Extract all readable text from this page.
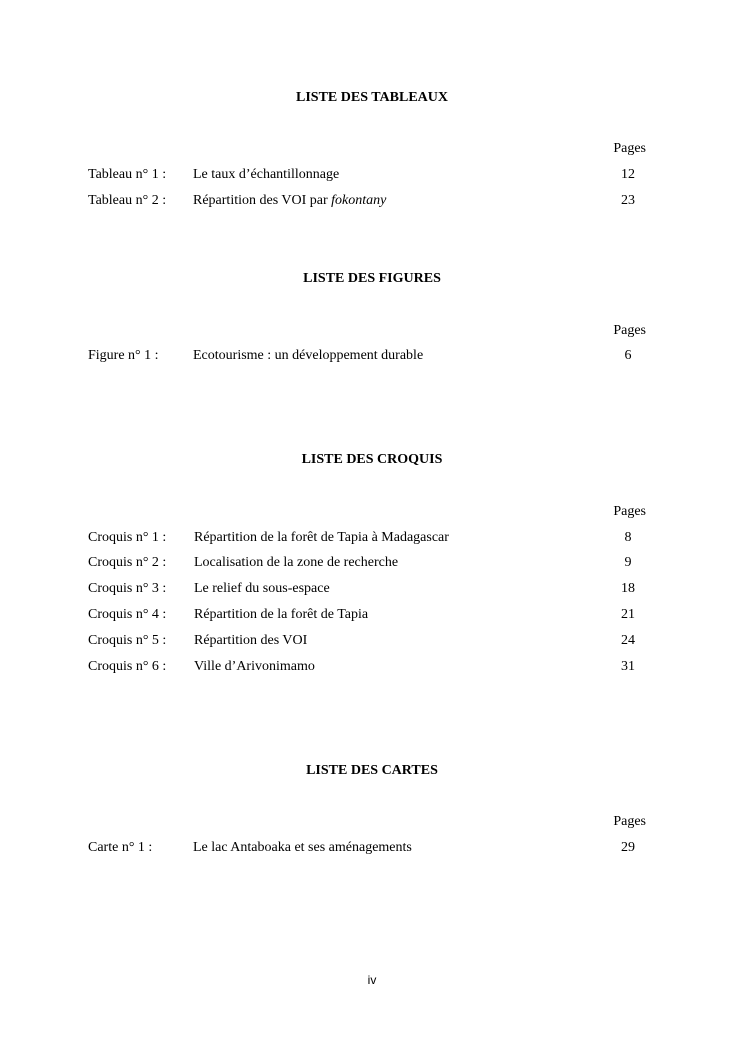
LISTE DES TABLEAUX
Pages
Tableau n° 1 : Le taux d’échantillonnage	12
Tableau n° 2 : Répartition des VOI par fokontany	23
LISTE DES FIGURES
Pages
Figure n° 1 : Ecotourisme : un développement durable	6
LISTE DES CROQUIS
Pages
Croquis n° 1 : Répartition de la forêt de Tapia à Madagascar	8
Croquis n° 2 : Localisation de la zone de recherche	9
Croquis n° 3 : Le relief du sous-espace	18
Croquis n° 4 : Répartition de la forêt de Tapia	21
Croquis n° 5 : Répartition des VOI	24
Croquis n° 6 : Ville d’Arivonimamo	31
LISTE DES CARTES
Pages
Carte n° 1 :	Le lac Antaboaka et ses aménagements	29
iv
